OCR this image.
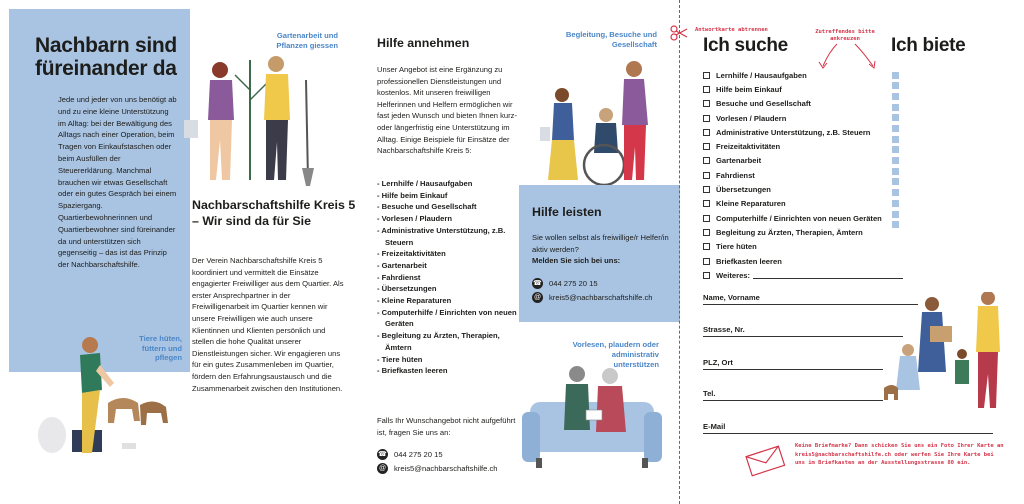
Nachbarn sind füreinander da
Jede und jeder von uns benötigt ab und zu eine kleine Unterstützung im Alltag: bei der Bewältigung des Alltags nach einer Operation, beim Tragen von Einkaufstaschen oder beim Ausfüllen der Steuererklärung. Manchmal brauchen wir etwas Gesellschaft oder ein gutes Gespräch bei einem Spaziergang. Quartierbewohnerinnen und Quartierbewohner sind füreinander da und unterstützen sich gegenseitig – das ist das Prinzip der Nachbarschaftshilfe.
Tiere hüten, füttern und pflegen
Gartenarbeit und Pflanzen giessen
Nachbarschaftshilfe Kreis 5 – Wir sind da für Sie
Der Verein Nachbarschaftshilfe Kreis 5 koordiniert und vermittelt die Einsätze engagierter Freiwilliger aus dem Quartier. Als erster Ansprechpartner in der Freiwilligenarbeit im Quartier kennen wir unsere Freiwilligen wie auch unsere Klientinnen und Klienten persönlich und stellen die hohe Qualität unserer Dienstleistungen sicher. Wir engagieren uns für ein gutes Zusammenleben im Quartier, fördern den Erfahrungsaustausch und die Zusammenarbeit zwischen den Institutionen.
Hilfe annehmen
Unser Angebot ist eine Ergänzung zu professionellen Dienstleistungen und kostenlos. Mit unseren freiwilligen Helferinnen und Helfern ermöglichen wir fast jeden Wunsch und bieten Ihnen kurz- oder längerfristig eine Unterstützung im Alltag. Einige Beispiele für Einsätze der Nachbarschaftshilfe Kreis 5:
- Lernhilfe / Hausaufgaben
- Hilfe beim Einkauf
- Besuche und Gesellschaft
- Vorlesen / Plaudern
- Administrative Unterstützung, z.B. Steuern
- Freizeitaktivitäten
- Gartenarbeit
- Fahrdienst
- Übersetzungen
- Kleine Reparaturen
- Computerhilfe / Einrichten von neuen Geräten
- Begleitung zu Ärzten, Therapien, Ämtern
- Tiere hüten
- Briefkasten leeren
Falls Ihr Wunschangebot nicht aufgeführt ist, fragen Sie uns an:
☎ 044 275 20 15
@ kreis5@nachbarschaftshilfe.ch
Begleitung, Besuche und Gesellschaft
Hilfe leisten
Sie wollen selbst als freiwillige/r Helfer/in aktiv werden?
Melden Sie sich bei uns:
☎ 044 275 20 15
@ kreis5@nachbarschaftshilfe.ch
Vorlesen, plaudern oder administrativ unterstützen
Antwortkarte abtrennen	Zutreffendes bitte ankreuzen
Ich suche	Ich biete
Lernhilfe / Hausaufgaben
Hilfe beim Einkauf
Besuche und Gesellschaft
Vorlesen / Plaudern
Administrative Unterstützung, z.B. Steuern
Freizeitaktivitäten
Gartenarbeit
Fahrdienst
Übersetzungen
Kleine Reparaturen
Computerhilfe / Einrichten von neuen Geräten
Begleitung zu Ärzten, Therapien, Ämtern
Tiere hüten
Briefkasten leeren
Weiteres:
Name, Vorname
Strasse, Nr.
PLZ, Ort
Tel.
E-Mail
Keine Briefmarke? Dann schicken Sie uns ein Foto Ihrer Karte an kreis5@nachbarschaftshilfe.ch oder werfen Sie Ihre Karte bei uns im Briefkasten an der Ausstellungsstrasse 80 ein.
